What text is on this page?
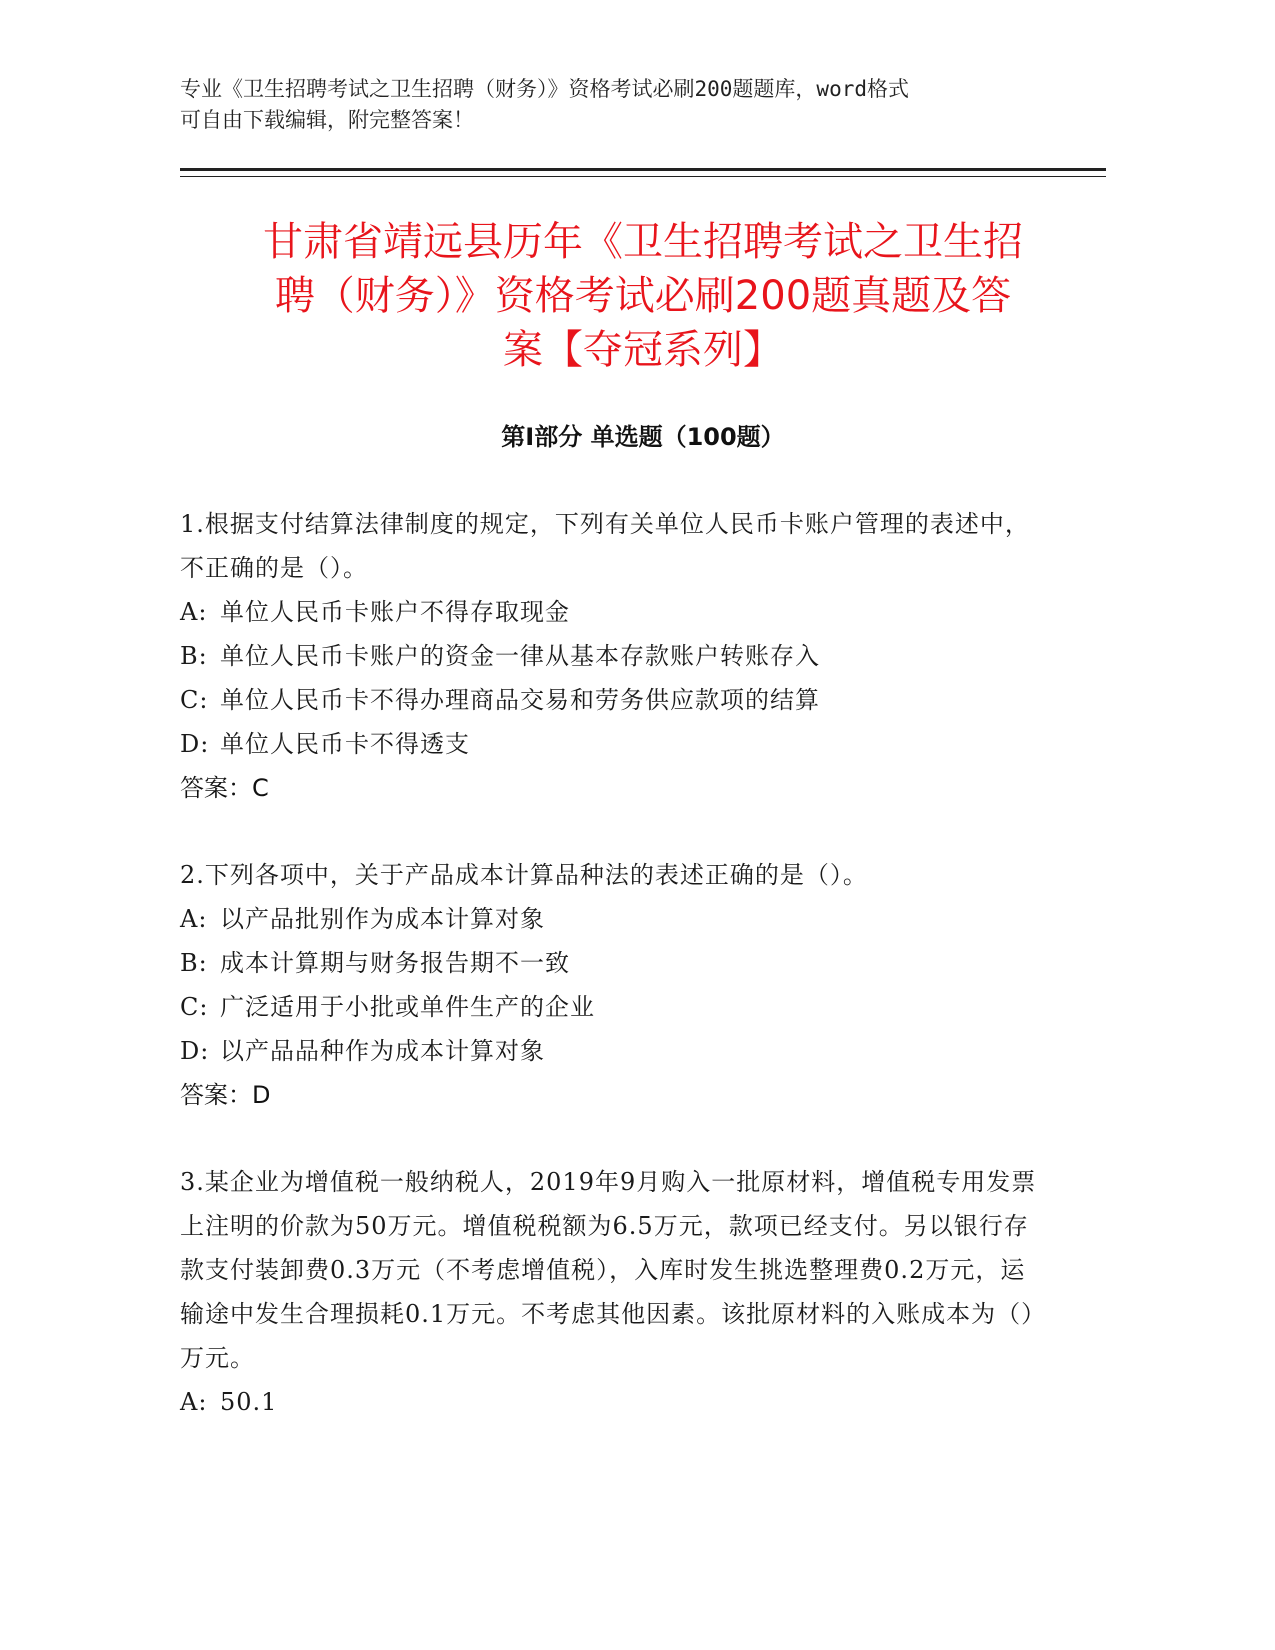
专业《卫生招聘考试之卫生招聘（财务）》资格考试必刷200题题库，word格式

可自由下载编辑，附完整答案！

甘肃省靖远县历年《卫生招聘考试之卫生招
聘（财务）》资格考试必刷200题真题及答
案【夺冠系列】
第Ⅰ部分 单选题（100题）

1.根据支付结算法律制度的规定，下列有关单位人民币卡账户管理的表述中，不正确的是（）。

A: 单位人民币卡账户不得存取现金

B: 单位人民币卡账户的资金一律从基本存款账户转账存入

C: 单位人民币卡不得办理商品交易和劳务供应款项的结算

D: 单位人民币卡不得透支

答案：C

2.下列各项中，关于产品成本计算品种法的表述正确的是（）。

A: 以产品批别作为成本计算对象

B: 成本计算期与财务报告期不一致

C: 广泛适用于小批或单件生产的企业

D: 以产品品种作为成本计算对象

答案：D

3.某企业为增值税一般纳税人，2019年9月购入一批原材料，增值税专用发票上注明的价款为50万元。增值税税额为6.5万元，款项已经支付。另以银行存款支付装卸费0.3万元（不考虑增值税），入库时发生挑选整理费0.2万元，运输途中发生合理损耗0.1万元。不考虑其他因素。该批原材料的入账成本为（）万元。

A: 50.1
